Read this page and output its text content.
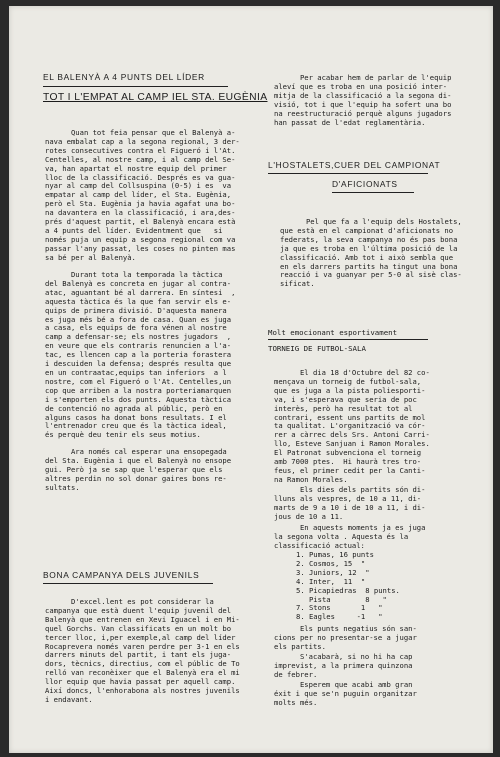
EL BALENYÀ A 4 PUNTS DEL LÍDER
TOT I L'EMPAT AL CAMP IEL STA. EUGÈNIA
Quan tot feia pensar que el Balenyà a-
nava embalat cap a la segona regional, 3 der-
rotes consecutives contra el Figueró i l'At.
Centelles, al nostre camp, i al camp del Se-
va, han apartat el nostre equip del primer
lloc de la classificació. Després es va gua-
nyar al camp del Collsuspina (0-5) i es  va
empatar al camp del líder, el Sta. Eugènia,
però el Sta. Eugènia ja havia agafat una bo-
na davantera en la classificació, i ara,des-
prés d'aquest partit, el Balenyà encara està
a 4 punts del líder. Evidentment que   si
només puja un equip a segona regional com va
passar l'any passat, les coses no pinten mas
sa bé per al Balenyà.
Durant tota la temporada la tàctica
del Balenyà es concreta en jugar al contra-
atac, aguantant bé al darrera. En síntesi  ,
aquesta tàctica és la que fan servir els e-
quips de primera divisió. D'aquesta manera
es juga més bé a fora de casa. Quan es juga
a casa, els equips de fora vénen al nostre
camp a defensar-se; els nostres jugadors  ,
en veure que els contraris renuncien a l'a-
tac, es llencen cap a la porteria forastera
i descuiden la defensa; després resulta que
en un contraatac,equips tan inferiors  a l
nostre, com el Figueró o l'At. Centelles,un
cop que arriben a la nostra porteriamarquen
i s'emporten els dos punts. Aquesta tàctica
de contenció no agrada al públic, però en
alguns casos ha donat bons resultats. I el
l'entrenador creu que és la tàctica ideal,
és perquè deu tenir els seus motius.
Ara només cal esperar una ensopegada
del Sta. Eugènia i que el Balenyà no ensope
gui. Però ja se sap que l'esperar que els
altres perdin no sol donar gaires bons re-
sultats.
BONA CAMPANYA DELS JUVENILS
D'excel.lent es pot considerar la
campanya que està duent l'equip juvenil del
Balenyà que entrenen en Xevi Iguacel i en Mi-
quel Gorchs. Van classificats en un molt bo
tercer lloc, i,per exemple,al camp del líder
Rocaprevera només varen perdre per 3-1 en els
darrers minuts del partit, i tant els juga-
dors, tècnics, directius, com el públic de To
relló van reconèixer que el Balenyà era el mi
llor equip que havia passat per aquell camp.
Així doncs, l'enhorabona als nostres juvenils
i endavant.
Per acabar hem de parlar de l'equip
aleví que es troba en una posició inter-
mitja de la classificació a la segona di-
visió, tot i que l'equip ha sofert una bo
na reestructuració perquè alguns jugadors
han passat de l'edat reglamentària.
L'HOSTALETS,CUER DEL CAMPIONAT
D'AFICIONATS
Pel que fa a l'equip dels Hostalets,
que està en el campionat d'aficionats no
federats, la seva campanya no és pas bona
ja que es troba en l'última posició de la
classificació. Amb tot i això sembla que
en els darrers partits ha tingut una bona
reacció i va guanyar per 5-0 al sisè clas-
sificat.
Molt emocionant esportivament
TORNEIG DE FUTBOL-SALA
El dia 18 d'Octubre del 82 co-
mençava un torneig de futbol-sala,
que es juga a la pista poliesporti-
va, i s'esperava que seria de poc
interès, però ha resultat tot al
contrari, essent uns partits de mol
ta qualitat. L'organització va cór-
rer a càrrec dels Srs. Antoni Carri-
llo, Esteve Sanjuan i Ramon Morales.
El Patronat subvenciona el torneig
amb 7000 ptes.  Hi haurà tres tro-
feus, el primer cedit per la Canti-
na Ramon Morales.
Els dies dels partits són di-
lluns als vespres, de 10 a 11, di-
marts de 9 a 10 i de 10 a 11, i di-
jous de 10 a 11.
En aquests moments ja es juga
la segona volta . Aquesta és la
classificació actual:
1. Pumas, 16 punts
2. Cosmos, 15  "
3. Juniors, 12  "
4. Inter,  11  "
5. Picapiedras  8 punts.
Pista        8   "
7. Stons       1   "
8. Eagles     -1   "
Els punts negatius són san-
cions per no presentar-se a jugar
els partits.
S'acabarà, si no hi ha cap
imprevist, a la primera quinzona
de febrer.
Esperem que acabi amb gran
éxit i que se'n puguin organitzar
molts més.
